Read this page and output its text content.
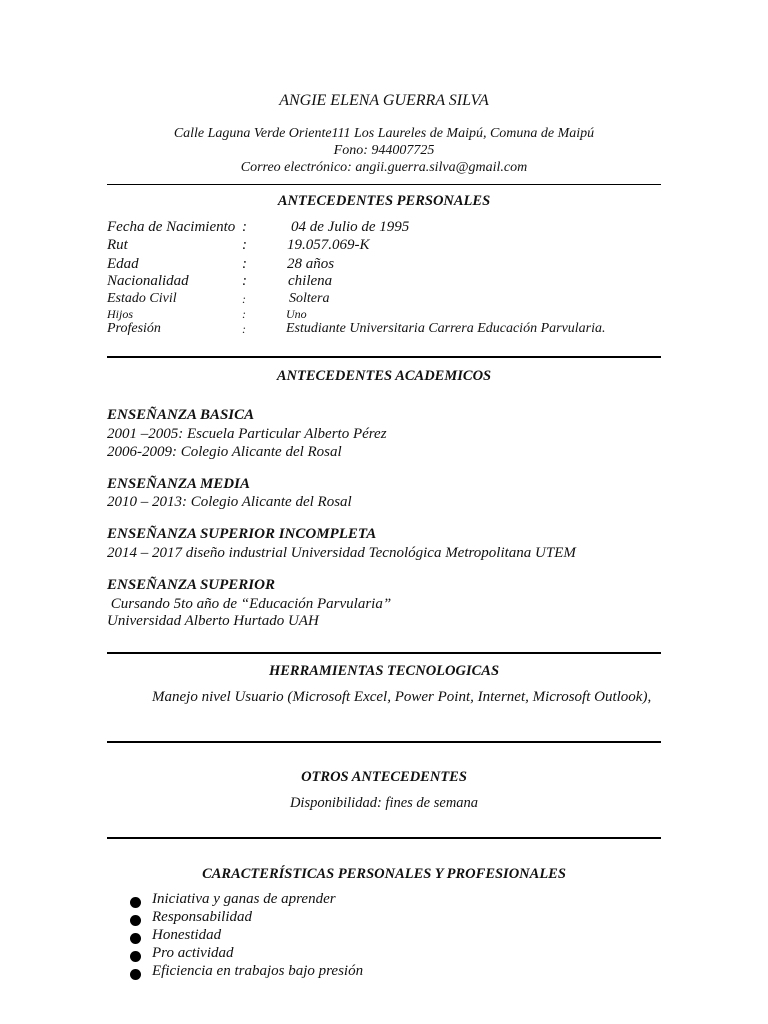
ANGIE ELENA GUERRA SILVA
Calle Laguna Verde Oriente111 Los Laureles de Maipú, Comuna de Maipú
Fono: 944007725
Correo electrónico: angii.guerra.silva@gmail.com
ANTECEDENTES PERSONALES
Fecha de Nacimiento :	04 de Julio de 1995
Rut	:	19.057.069-K
Edad	:	28 años
Nacionalidad	:	chilena
Estado Civil	:	Soltera
Hijos	:	Uno
Profesión	:	Estudiante Universitaria Carrera Educación Parvularia.
ANTECEDENTES ACADEMICOS
ENSEÑANZA BASICA
2001 –2005: Escuela Particular Alberto Pérez
2006-2009: Colegio Alicante del Rosal
ENSEÑANZA MEDIA
2010 – 2013: Colegio Alicante del Rosal
ENSEÑANZA SUPERIOR INCOMPLETA
2014 – 2017 diseño industrial Universidad Tecnológica Metropolitana UTEM
ENSEÑANZA SUPERIOR
Cursando 5to año de “Educación Parvularia”
Universidad Alberto Hurtado UAH
HERRAMIENTAS TECNOLOGICAS
Manejo nivel Usuario (Microsoft Excel, Power Point, Internet, Microsoft Outlook),
OTROS ANTECEDENTES
Disponibilidad: fines de semana
CARACTERÍSTICAS PERSONALES Y PROFESIONALES
Iniciativa y ganas de aprender
Responsabilidad
Honestidad
Pro actividad
Eficiencia en trabajos bajo presión
